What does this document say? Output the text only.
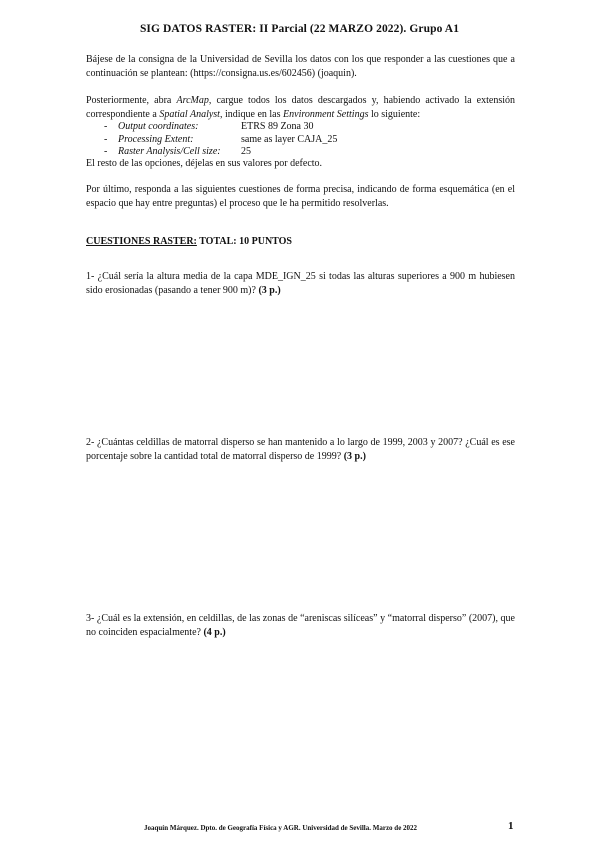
SIG DATOS RASTER: II Parcial (22 MARZO 2022). Grupo A1
Bájese de la consigna de la Universidad de Sevilla los datos con los que responder a las cuestiones que a continuación se plantean: (https://consigna.us.es/602456) (joaquin).
Posteriormente, abra ArcMap, cargue todos los datos descargados y, habiendo activado la extensión correspondiente a Spatial Analyst, indique en las Environment Settings lo siguiente:
-	Output coordinates:	ETRS 89 Zona 30
-	Processing Extent:	same as layer CAJA_25
-	Raster Analysis/Cell size:	25
El resto de las opciones, déjelas en sus valores por defecto.
Por último, responda a las siguientes cuestiones de forma precisa, indicando de forma esquemática (en el espacio que hay entre preguntas) el proceso que le ha permitido resolverlas.
CUESTIONES RASTER: TOTAL: 10 PUNTOS
1- ¿Cuál sería la altura media de la capa MDE_IGN_25 si todas las alturas superiores a 900 m hubiesen sido erosionadas (pasando a tener 900 m)? (3 p.)
2- ¿Cuántas celdillas de matorral disperso se han mantenido a lo largo de 1999, 2003 y 2007? ¿Cuál es ese porcentaje sobre la cantidad total de matorral disperso de 1999? (3 p.)
3- ¿Cuál es la extensión, en celdillas, de las zonas de “areniscas silíceas” y “matorral disperso” (2007), que no coinciden espacialmente? (4 p.)
Joaquín Márquez. Dpto. de Geografía Física y AGR. Universidad de Sevilla. Marzo de 2022	1
